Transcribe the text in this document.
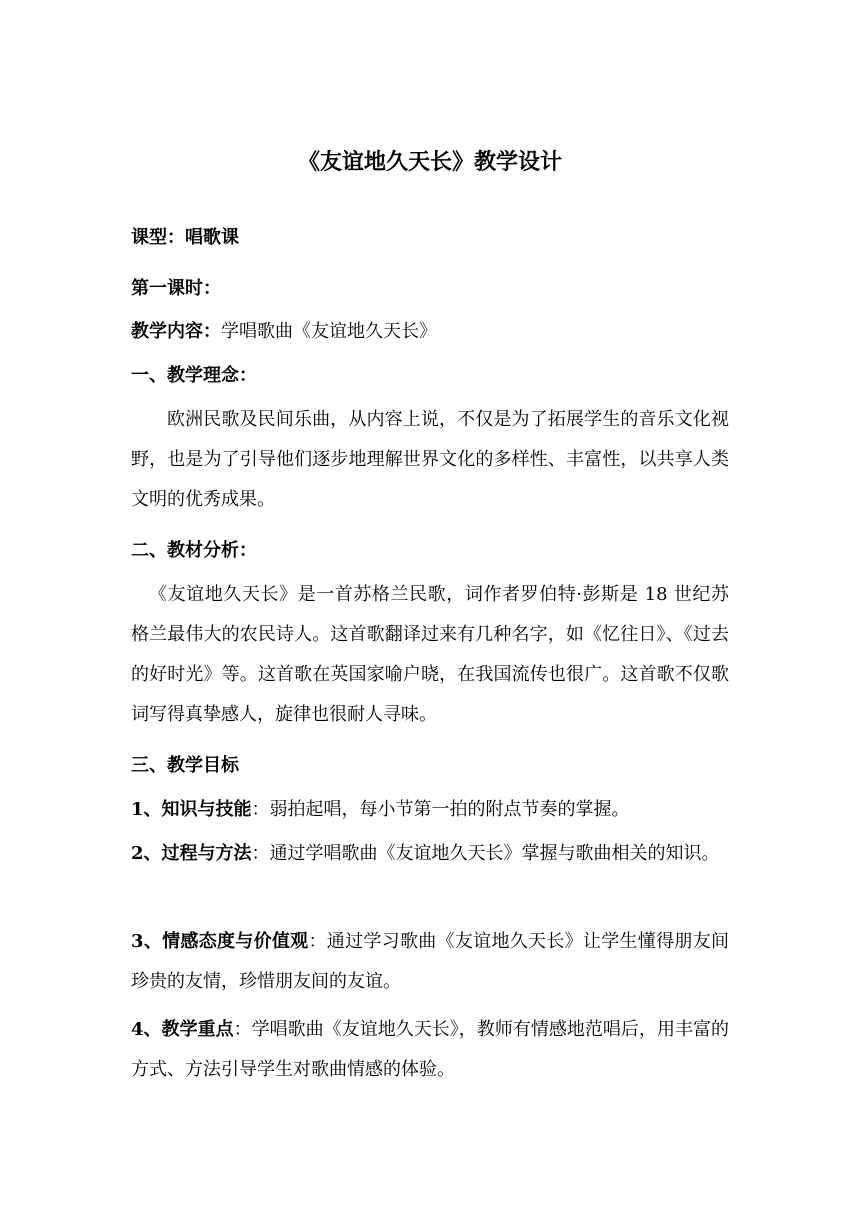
《友谊地久天长》教学设计

课型：唱歌课

第一课时：

教学内容：学唱歌曲《友谊地久天长》

一、教学理念：

欧洲民歌及民间乐曲，从内容上说，不仅是为了拓展学生的音乐文化视野，也是为了引导他们逐步地理解世界文化的多样性、丰富性，以共享人类文明的优秀成果。

二、教材分析：

《友谊地久天长》是一首苏格兰民歌，词作者罗伯特·彭斯是 18 世纪苏格兰最伟大的农民诗人。这首歌翻译过来有几种名字，如《忆往日》、《过去的好时光》等。这首歌在英国家喻户晓，在我国流传也很广。这首歌不仅歌词写得真挚感人，旋律也很耐人寻味。

三、教学目标

1、知识与技能：弱拍起唱，每小节第一拍的附点节奏的掌握。

2、过程与方法：通过学唱歌曲《友谊地久天长》掌握与歌曲相关的知识。

3、情感态度与价值观：通过学习歌曲《友谊地久天长》让学生懂得朋友间珍贵的友情，珍惜朋友间的友谊。

4、教学重点：学唱歌曲《友谊地久天长》，教师有情感地范唱后，用丰富的方式、方法引导学生对歌曲情感的体验。
